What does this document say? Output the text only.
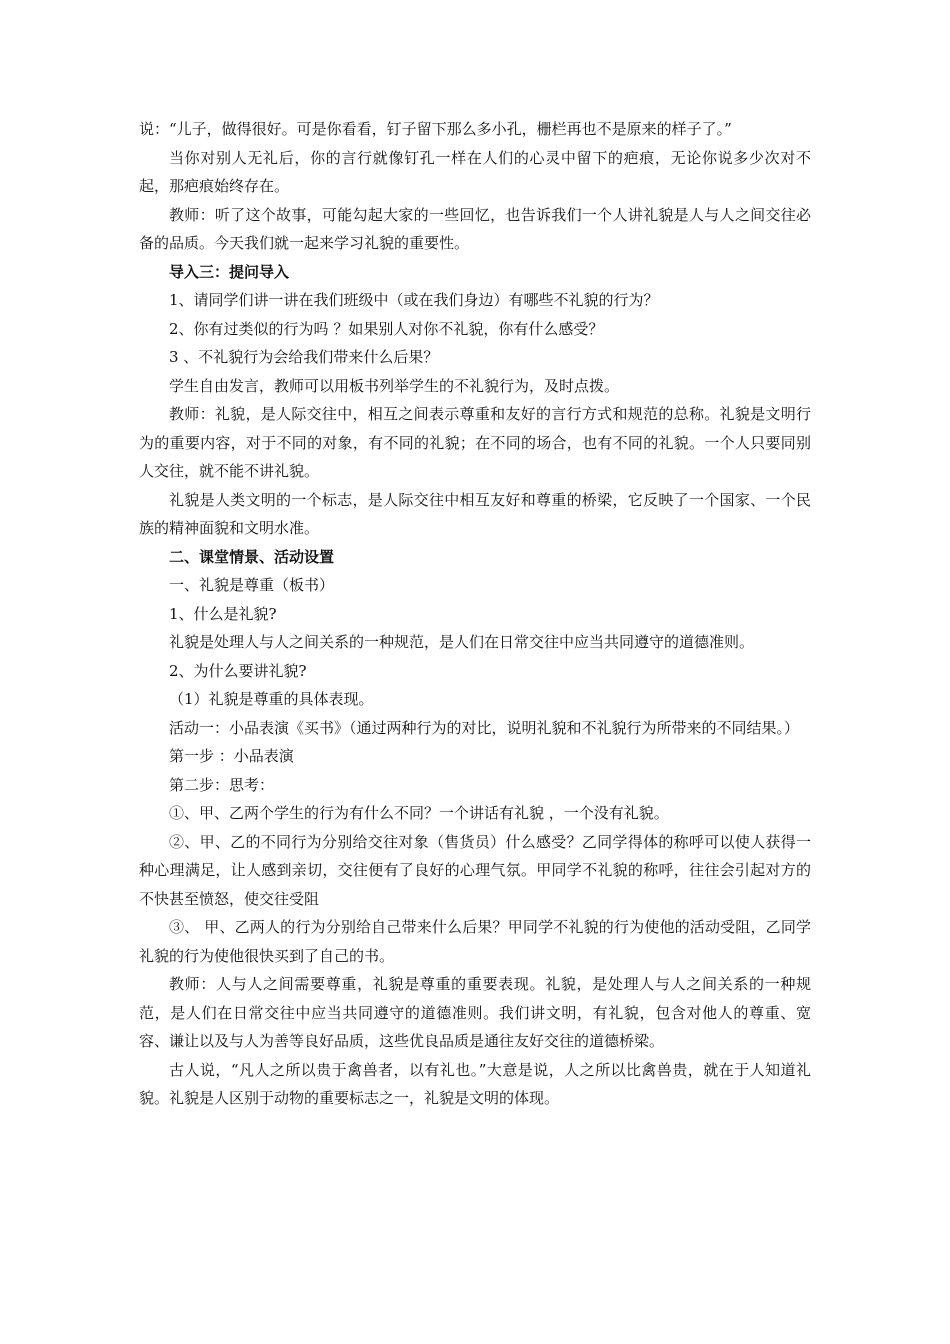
说：“儿子，做得很好。可是你看看，钉子留下那么多小孔，栅栏再也不是原来的样子了。”

当你对别人无礼后，你的言行就像钉孔一样在人们的心灵中留下的疤痕，无论你说多少次对不起，那疤痕始终存在。

教师：听了这个故事，可能勾起大家的一些回忆，也告诉我们一个人讲礼貌是人与人之间交往必备的品质。今天我们就一起来学习礼貌的重要性。

导入三：提问导入

1、请同学们讲一讲在我们班级中（或在我们身边）有哪些不礼貌的行为？

2、你有过类似的行为吗 ？如果别人对你不礼貌，你有什么感受？

3 、不礼貌行为会给我们带来什么后果？

学生自由发言，教师可以用板书列举学生的不礼貌行为，及时点拨。

教师：礼貌，是人际交往中，相互之间表示尊重和友好的言行方式和规范的总称。礼貌是文明行为的重要内容，对于不同的对象，有不同的礼貌；在不同的场合，也有不同的礼貌。一个人只要同别人交往，就不能不讲礼貌。

礼貌是人类文明的一个标志，是人际交往中相互友好和尊重的桥梁，它反映了一个国家、一个民族的精神面貌和文明水准。

二、课堂情景、活动设置

一、礼貌是尊重（板书）

1、什么是礼貌?

礼貌是处理人与人之间关系的一种规范，是人们在日常交往中应当共同遵守的道德准则。

2、为什么要讲礼貌?

（1）礼貌是尊重的具体表现。

活动一：小品表演《买书》（通过两种行为的对比，说明礼貌和不礼貌行为所带来的不同结果。）

第一步 ：小品表演

第二步：思考：

①、甲、乙两个学生的行为有什么不同？一个讲话有礼貌 ，一个没有礼貌。

②、甲、乙的不同行为分别给交往对象（售货员）什么感受？乙同学得体的称呼可以使人获得一种心理满足，让人感到亲切，交往便有了良好的心理气氛。甲同学不礼貌的称呼，往往会引起对方的不快甚至愤怒，使交往受阻

③、 甲、乙两人的行为分别给自己带来什么后果？甲同学不礼貌的行为使他的活动受阻，乙同学礼貌的行为使他很快买到了自己的书。

教师：人与人之间需要尊重，礼貌是尊重的重要表现。礼貌，是处理人与人之间关系的一种规范，是人们在日常交往中应当共同遵守的道德准则。我们讲文明，有礼貌，包含对他人的尊重、宽容、谦让以及与人为善等良好品质，这些优良品质是通往友好交往的道德桥梁。

古人说，“凡人之所以贵于禽兽者，以有礼也。”大意是说，人之所以比禽兽贵，就在于人知道礼貌。礼貌是人区别于动物的重要标志之一，礼貌是文明的体现。
